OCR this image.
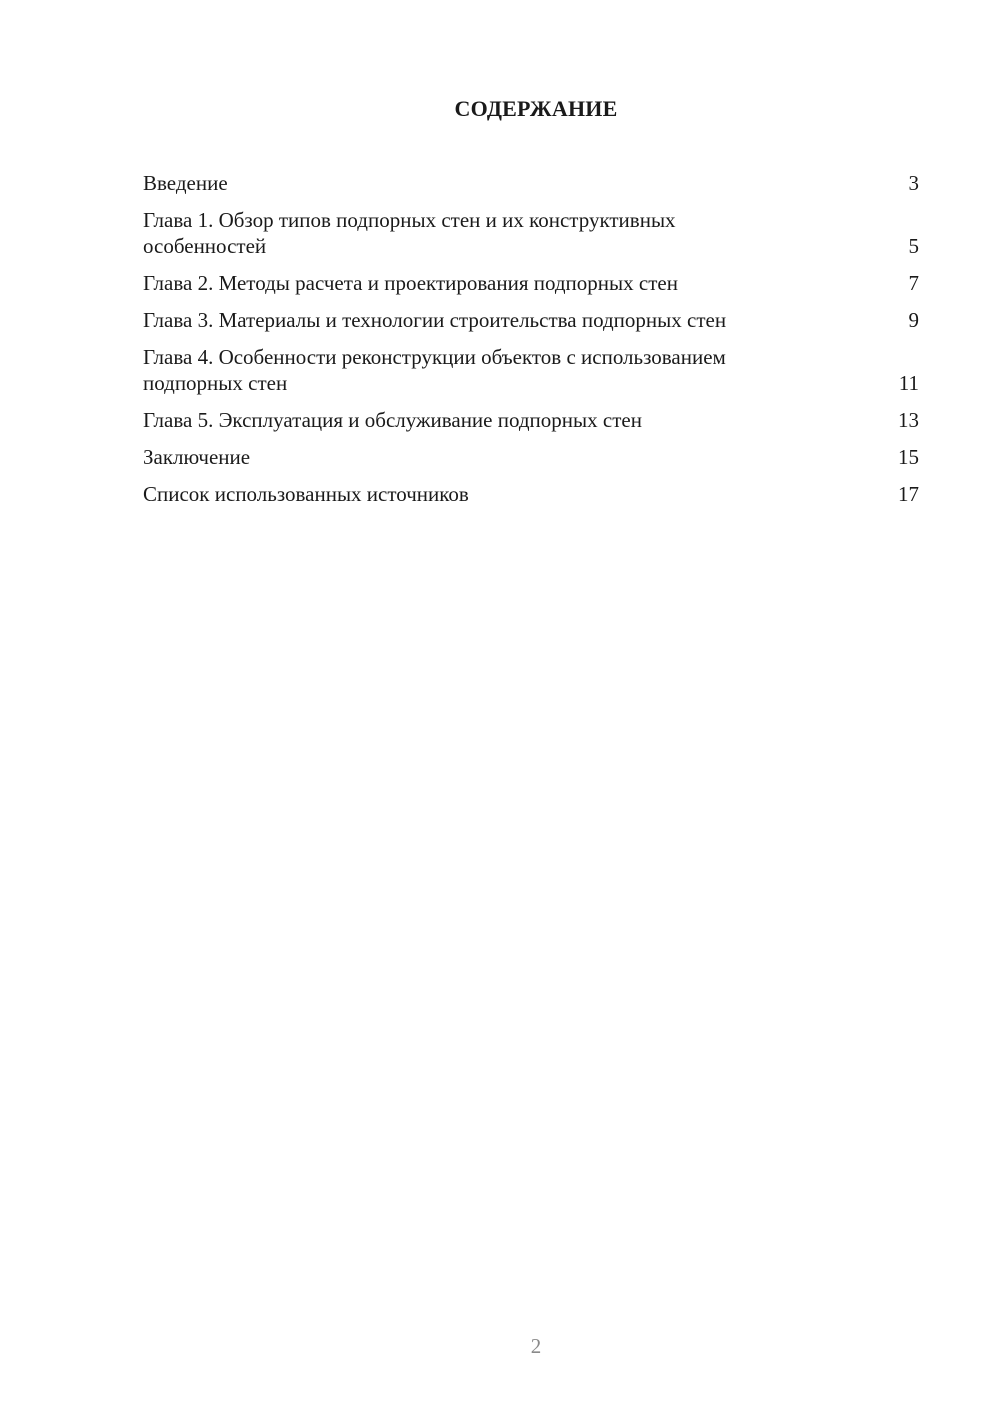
СОДЕРЖАНИЕ
Введение	3
Глава 1. Обзор типов подпорных стен и их конструктивных особенностей	5
Глава 2. Методы расчета и проектирования подпорных стен	7
Глава 3. Материалы и технологии строительства подпорных стен	9
Глава 4. Особенности реконструкции объектов с использованием подпорных стен	11
Глава 5. Эксплуатация и обслуживание подпорных стен	13
Заключение	15
Список использованных источников	17
2
